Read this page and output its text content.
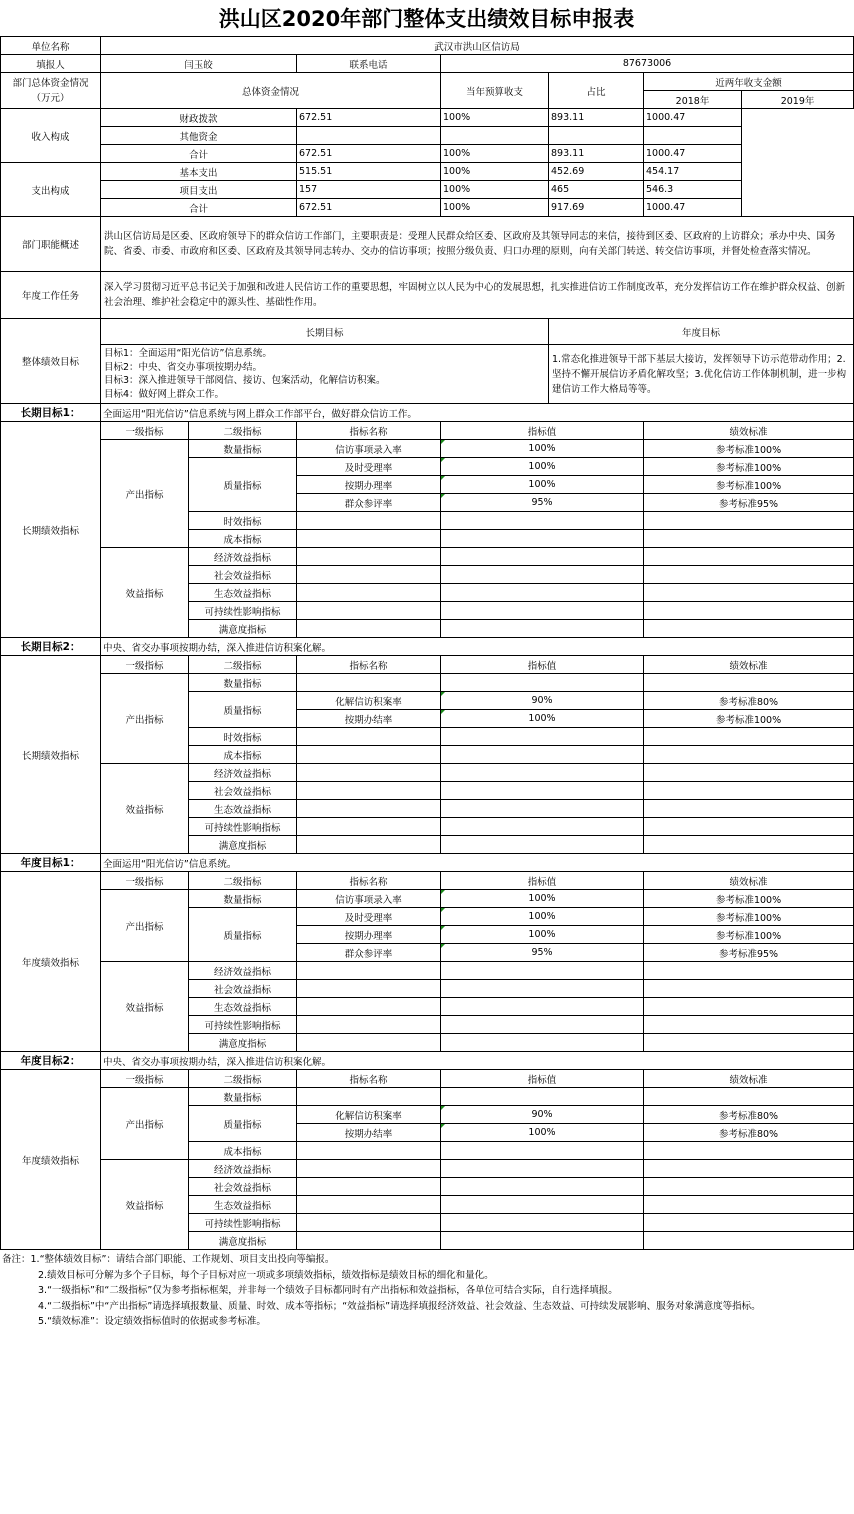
洪山区2020年部门整体支出绩效目标申报表
单位名称	武汉市洪山区信访局						
填报人	闫玉皎		联系电话	87673006			
部门总体资金情况（万元）	总体资金情况			当年预算收支	占比	近两年收支金额	
						2018年	2019年
收入构成	财政拨款		672.51	100%	893.11	1000.47	
	其他资金						
	合计		672.51	100%	893.11	1000.47	
支出构成	基本支出		515.51	100%	452.69	454.17	
	项目支出		157	100%	465	546.3	
	合计		672.51	100%	917.69	1000.47	
部门职能概述	洪山区信访局是区委、区政府领导下的群众信访工作部门，主要职责是：受理人民群众给区委、区政府及其领导同志的来信，接待到区委、区政府的上访群众；承办中央、国务院、省委、市委、市政府和区委、区政府及其领导同志转办、交办的信访事项；按照分级负责、归口办理的原则，向有关部门转送、转交信访事项，并督处检查落实情况。						
年度工作任务	深入学习贯彻习近平总书记关于加强和改进人民信访工作的重要思想，牢固树立以人民为中心的发展思想，扎实推进信访工作制度改革，充分发挥信访工作在维护群众权益、创新社会治理、维护社会稳定中的源头性、基础性作用。						
整体绩效目标	长期目标				年度目标		

	目标1：全面运用“阳光信访”信息系统。
目标2：中央、省交办事项按期办结。
目标3：深入推进领导干部阅信、接访、包案活动，化解信访积案。
目标4：做好网上群众工作。				1.常态化推进领导干部下基层大接访，发挥领导下访示范带动作用；2.坚持不懈开展信访矛盾化解攻坚；3.优化信访工作体制机制，进一步构建信访工作大格局等等。		
长期目标1：	全面运用“阳光信访”信息系统与网上群众工作部平台，做好群众信访工作。						
长期绩效指标	一级指标	二级指标	指标名称	指标值		绩效标准	
	产出指标	数量指标	信访事项录入率	100%		参考标准100%	
		质量指标	及时受理率	100%		参考标准100%	
			按期办理率	100%		参考标准100%	
			群众参评率	95%		参考标准95%	
		时效指标					
		成本指标					
	效益指标	经济效益指标					
		社会效益指标					
		生态效益指标					
		可持续性影响指标					
		满意度指标					
长期目标2：	中央、省交办事项按期办结，深入推进信访积案化解。						
长期绩效指标	一级指标	二级指标	指标名称	指标值		绩效标准	
	产出指标	数量指标					
		质量指标	化解信访积案率	90%		参考标准80%	
			按期办结率	100%		参考标准100%	
		时效指标					
		成本指标					
	效益指标	经济效益指标					
		社会效益指标					
		生态效益指标					
		可持续性影响指标					
		满意度指标					
年度目标1：	全面运用“阳光信访”信息系统。						
年度绩效指标	一级指标	二级指标	指标名称	指标值		绩效标准	
	产出指标	数量指标	信访事项录入率	100%		参考标准100%	
		质量指标	及时受理率	100%		参考标准100%	
			按期办理率	100%		参考标准100%	
			群众参评率	95%		参考标准95%	
	效益指标	经济效益指标					
		社会效益指标					
		生态效益指标					
		可持续性影响指标					
		满意度指标					
年度目标2：	中央、省交办事项按期办结，深入推进信访积案化解。						
年度绩效指标	一级指标	二级指标	指标名称	指标值		绩效标准	
	产出指标	数量指标					
		质量指标	化解信访积案率	90%		参考标准80%	
			按期办结率	100%		参考标准80%	
		成本指标					
	效益指标	经济效益指标					
		社会效益指标					
		生态效益指标					
		可持续性影响指标					
		满意度指标					
备注：1.“整体绩效目标”：请结合部门职能、工作规划、项目支出投向等编报。
2.绩效目标可分解为多个子目标，每个子目标对应一项或多项绩效指标，绩效指标是绩效目标的细化和量化。
3.“一级指标”和“二级指标”仅为参考指标框架，并非每一个绩效子目标都同时有产出指标和效益指标，各单位可结合实际，自行选择填报。
4.“二级指标”中“产出指标”请选择填报数量、质量、时效、成本等指标；“效益指标”请选择填报经济效益、社会效益、生态效益、可持续发展影响、服务对象满意度等指标。
5.“绩效标准”：设定绩效指标值时的依据或参考标准。
